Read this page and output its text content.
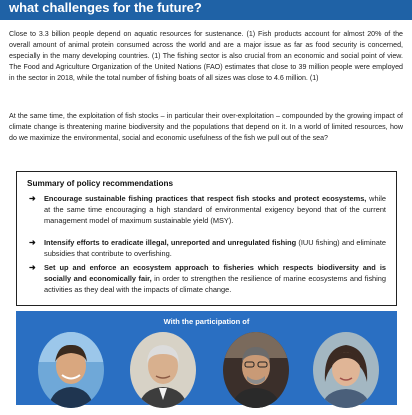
what challenges for the future?

Close to 3.3 billion people depend on aquatic resources for sustenance. (1) Fish products account for almost 20% of the overall amount of animal protein consumed across the world and are a major issue as far as food security is concerned, especially in the many developing countries. (1) The fishing sector is also crucial from an economic and social point of view. The Food and Agriculture Organization of the United Nations (FAO) estimates that close to 39 million people were employed in the sector in 2018, while the total number of fishing boats of all sizes was close to 4.6 million. (1)

At the same time, the exploitation of fish stocks – in particular their over-exploitation – compounded by the growing impact of climate change is threatening marine biodiversity and the populations that depend on it. In a world of limited resources, how do we maximize the environmental, social and economic usefulness of the fish we pull out of the sea?

Summary of policy recommendations
➜ Encourage sustainable fishing practices that respect fish stocks and protect ecosystems, while at the same time encouraging a high standard of environmental exigency beyond that of the current management model of maximum sustainable yield (MSY).
➜ Intensify efforts to eradicate illegal, unreported and unregulated fishing (IUU fishing) and eliminate subsidies that contribute to overfishing.
➜ Set up and enforce an ecosystem approach to fisheries which respects biodiversity and is socially and economically fair, in order to strengthen the resilience of marine ecosystems and fishing activities as they deal with the impacts of climate change.
With the participation of
Joachim Claudet, Research...	Philippe Cury	Didier Gascuel	Rebecca Hubbard
